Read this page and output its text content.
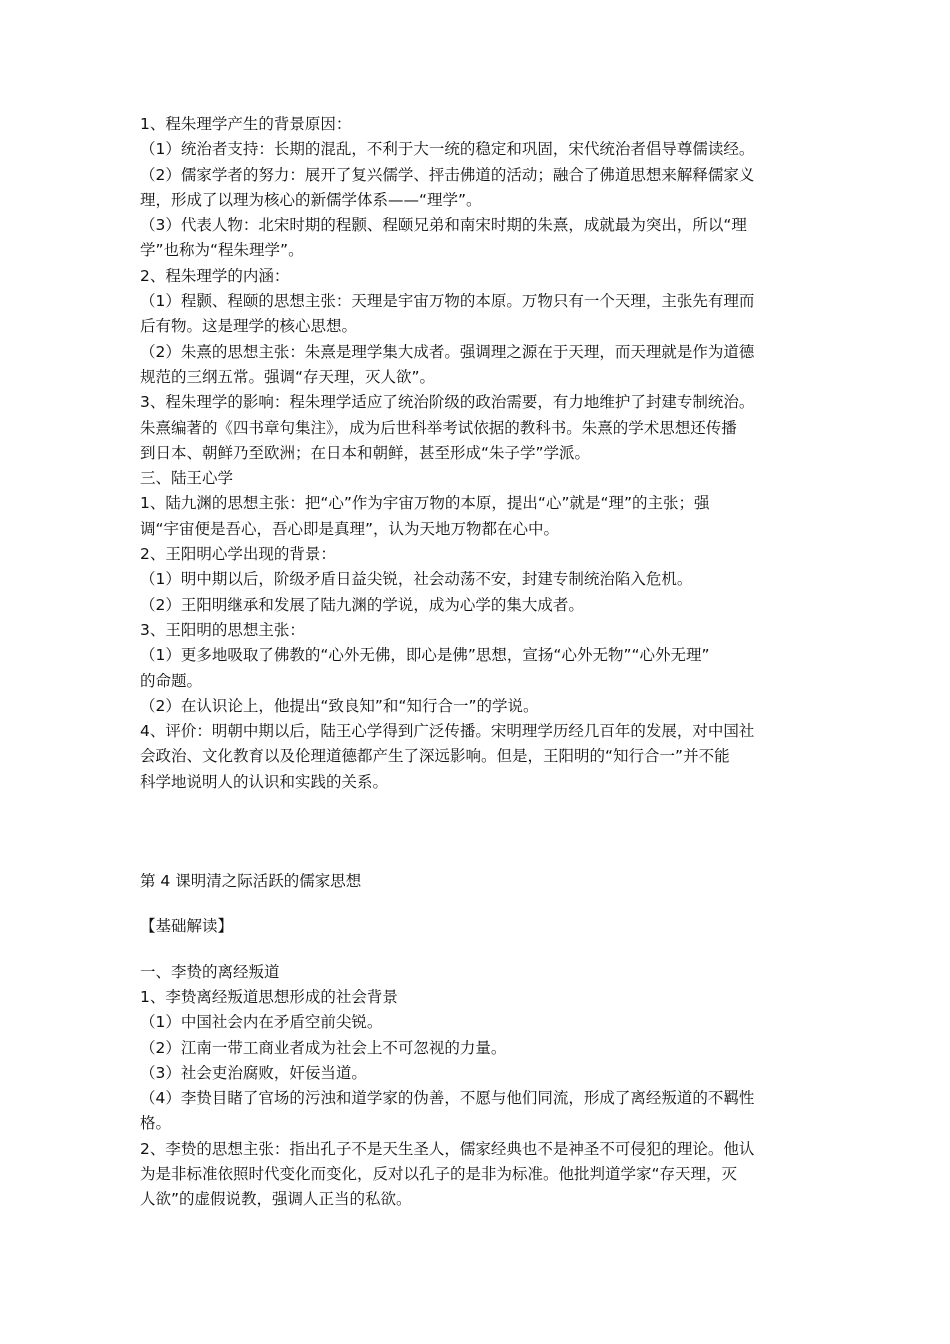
1、程朱理学产生的背景原因：
（1）统治者支持：长期的混乱，不利于大一统的稳定和巩固，宋代统治者倡导尊儒读经。
（2）儒家学者的努力：展开了复兴儒学、抨击佛道的活动；融合了佛道思想来解释儒家义
理，形成了以理为核心的新儒学体系——“理学”。
（3）代表人物：北宋时期的程颢、程颐兄弟和南宋时期的朱熹，成就最为突出，所以“理
学”也称为“程朱理学”。
2、程朱理学的内涵：
（1）程颢、程颐的思想主张：天理是宇宙万物的本原。万物只有一个天理，主张先有理而
后有物。这是理学的核心思想。
（2）朱熹的思想主张：朱熹是理学集大成者。强调理之源在于天理，而天理就是作为道德
规范的三纲五常。强调“存天理，灭人欲”。
3、程朱理学的影响：程朱理学适应了统治阶级的政治需要，有力地维护了封建专制统治。
朱熹编著的《四书章句集注》，成为后世科举考试依据的教科书。朱熹的学术思想还传播
到日本、朝鲜乃至欧洲；在日本和朝鲜，甚至形成“朱子学”学派。
三、陆王心学
1、陆九渊的思想主张：把“心”作为宇宙万物的本原，提出“心”就是“理”的主张；强
调“宇宙便是吾心，吾心即是真理”，认为天地万物都在心中。
2、王阳明心学出现的背景：
（1）明中期以后，阶级矛盾日益尖锐，社会动荡不安，封建专制统治陷入危机。
（2）王阳明继承和发展了陆九渊的学说，成为心学的集大成者。
3、王阳明的思想主张：
（1）更多地吸取了佛教的“心外无佛，即心是佛”思想，宣扬“心外无物”“心外无理”
的命题。
（2）在认识论上，他提出“致良知”和“知行合一”的学说。
4、评价：明朝中期以后，陆王心学得到广泛传播。宋明理学历经几百年的发展，对中国社
会政治、文化教育以及伦理道德都产生了深远影响。但是，王阳明的“知行合一”并不能
科学地说明人的认识和实践的关系。
第 4 课明清之际活跃的儒家思想
【基础解读】
一、李贽的离经叛道
1、李贽离经叛道思想形成的社会背景
（1）中国社会内在矛盾空前尖锐。
（2）江南一带工商业者成为社会上不可忽视的力量。
（3）社会吏治腐败，奸佞当道。
（4）李贽目睹了官场的污浊和道学家的伪善，不愿与他们同流，形成了离经叛道的不羁性
格。
2、李贽的思想主张：指出孔子不是天生圣人，儒家经典也不是神圣不可侵犯的理论。他认
为是非标准依照时代变化而变化，反对以孔子的是非为标准。他批判道学家“存天理，灭
人欲”的虚假说教，强调人正当的私欲。
